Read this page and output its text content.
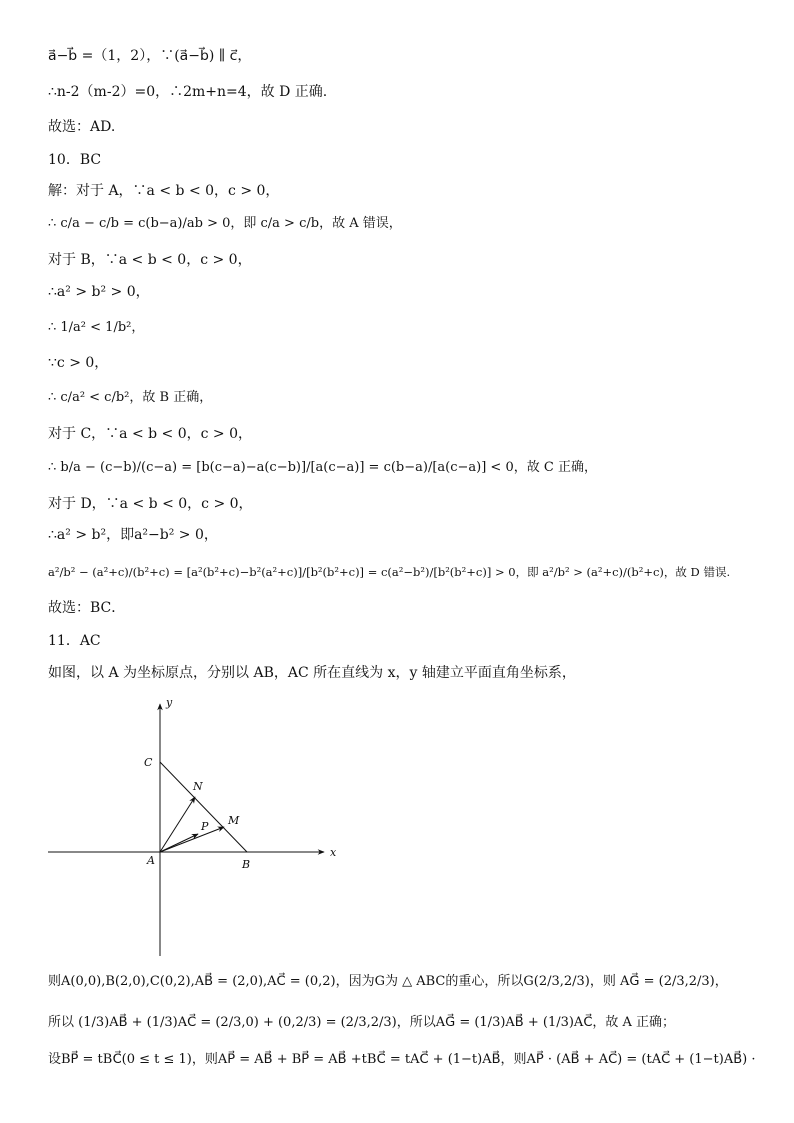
a⃗−b⃗ =（1，2），∵(a⃗−b⃗) ∥ c⃗，
∴n-2（m-2）=0，∴2m+n=4，故 D 正确.
故选：AD.
10．BC
解：对于 A，∵a < b < 0，c > 0，
∴ c/a − c/b = c(b−a)/ab > 0，即 c/a > c/b，故 A 错误，
对于 B，∵a < b < 0，c > 0，
∴a² > b² > 0，
∴ 1/a² < 1/b²，
∵c > 0，
∴ c/a² < c/b²，故 B 正确，
对于 C，∵a < b < 0，c > 0，
∴ b/a − (c−b)/(c−a) = [b(c−a)−a(c−b)]/[a(c−a)] = c(b−a)/[a(c−a)] < 0，故 C 正确，
对于 D，∵a < b < 0，c > 0，
∴a² > b²，即a²−b² > 0，
a²/b² − (a²+c)/(b²+c) = [a²(b²+c)−b²(a²+c)]/[b²(b²+c)] = c(a²−b²)/[b²(b²+c)] > 0，即 a²/b² > (a²+c)/(b²+c)，故 D 错误.
故选：BC．
11．AC
如图，以 A 为坐标原点，分别以 AB，AC 所在直线为 x，y 轴建立平面直角坐标系，
y
x
C
N
M
P
A	B
则A(0,0),B(2,0),C(0,2),AB⃗ = (2,0),AC⃗ = (0,2)，因为G为 △ ABC的重心，所以G(2/3,2/3)，则 AG⃗ = (2/3,2/3)，
所以 (1/3)AB⃗ + (1/3)AC⃗ = (2/3,0) + (0,2/3) = (2/3,2/3)，所以AG⃗ = (1/3)AB⃗ + (1/3)AC⃗，故 A 正确；
设BP⃗ = tBC⃗(0 ≤ t ≤ 1)，则AP⃗ = AB⃗ + BP⃗ = AB⃗ +tBC⃗ = tAC⃗ + (1−t)AB⃗，则AP⃗ · (AB⃗ + AC⃗) = (tAC⃗ + (1−t)AB⃗) ·
